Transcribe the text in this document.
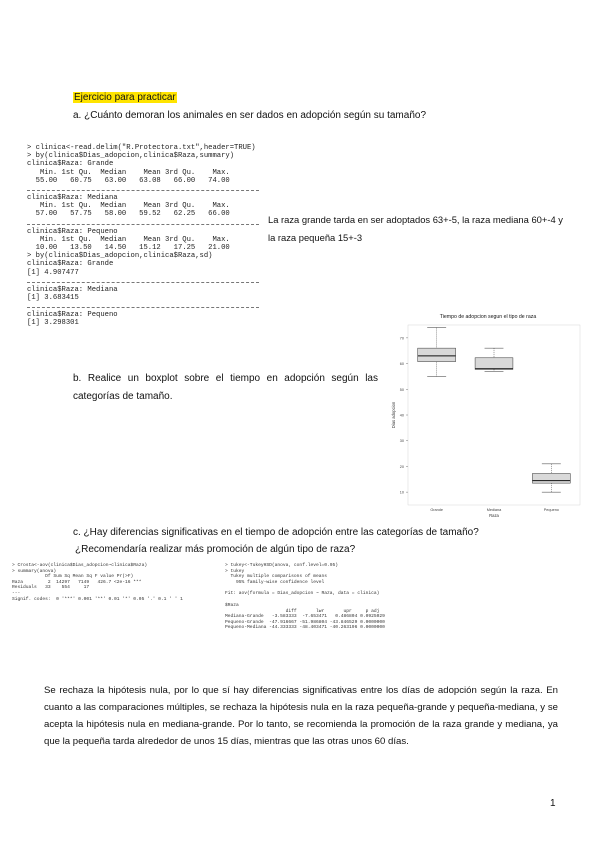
Ejercicio para practicar
a. ¿Cuánto demoran los animales en ser dados en adopción según su tamaño?
> clinica<-read.delim("R.Protectora.txt",header=TRUE)
> by(clinica$Dias_adopcion,clinica$Raza,summary)
clinica$Raza: Grande
Min. 1st Qu.  Median    Mean 3rd Qu.    Max.
55.00   60.75   63.00   63.08   66.00   74.00
clinica$Raza: Mediana
Min. 1st Qu.  Median    Mean 3rd Qu.    Max.
57.00   57.75   58.00   59.52   62.25   66.00
clinica$Raza: Pequeno
Min. 1st Qu.  Median    Mean 3rd Qu.    Max.
10.00   13.50   14.50   15.12   17.25   21.00
> by(clinica$Dias_adopcion,clinica$Raza,sd)
clinica$Raza: Grande
[1] 4.907477
clinica$Raza: Mediana
[1] 3.683415
clinica$Raza: Pequeno
[1] 3.298301
La raza grande tarda en ser adoptados 63+-5, la raza mediana 60+-4 y la raza pequeña 15+-3
b. Realice un boxplot sobre el tiempo en adopción según las categorías de tamaño.
Tiempo de adopcion segun el tipo de raza
10
20
30
40
50
60
70
Grande	Mediana	Pequeno
Dias adopcion
Raza
c. ¿Hay diferencias significativas en el tiempo de adopción entre las categorías de tamaño?
¿Recomendaría realizar más promoción de algún tipo de raza?
> Crosta<-aov(clinica$Dias_adopcion~clinica$Raza)
> summary(anova)
Df Sum Sq Mean Sq F value Pr(>F)
Raza         2  14297   7149   426.7 <2e-16 ***
Residuals   33    554     17
---
Signif. codes:  0 '***' 0.001 '**' 0.01 '*' 0.05 '.' 0.1 ' ' 1
> tukey<-TukeyHSD(anova, conf.level=0.95)
> tukey
Tukey multiple comparisons of means
95% family-wise confidence level
Fit: aov(formula = Dias_adopcion ~ Raza, data = clinica)
$Raza
diff       lwr       upr     p adj
Mediana-Grande   -3.583333  -7.653471   0.486804 0.0925029
Pequeno-Grande  -47.916667 -51.986804 -43.846529 0.0000000
Pequeno-Mediana -44.333333 -48.403471 -40.263196 0.0000000
Se rechaza la hipótesis nula, por lo que sí hay diferencias significativas entre los días de adopción según la raza. En cuanto a las comparaciones múltiples, se rechaza la hipótesis nula en la raza pequeña-grande y pequeña-mediana, y se acepta la hipótesis nula en mediana-grande. Por lo tanto, se recomienda la promoción de la raza grande y mediana, ya que la pequeña tarda alrededor de unos 15 días, mientras que las otras unos 60 días.
1
